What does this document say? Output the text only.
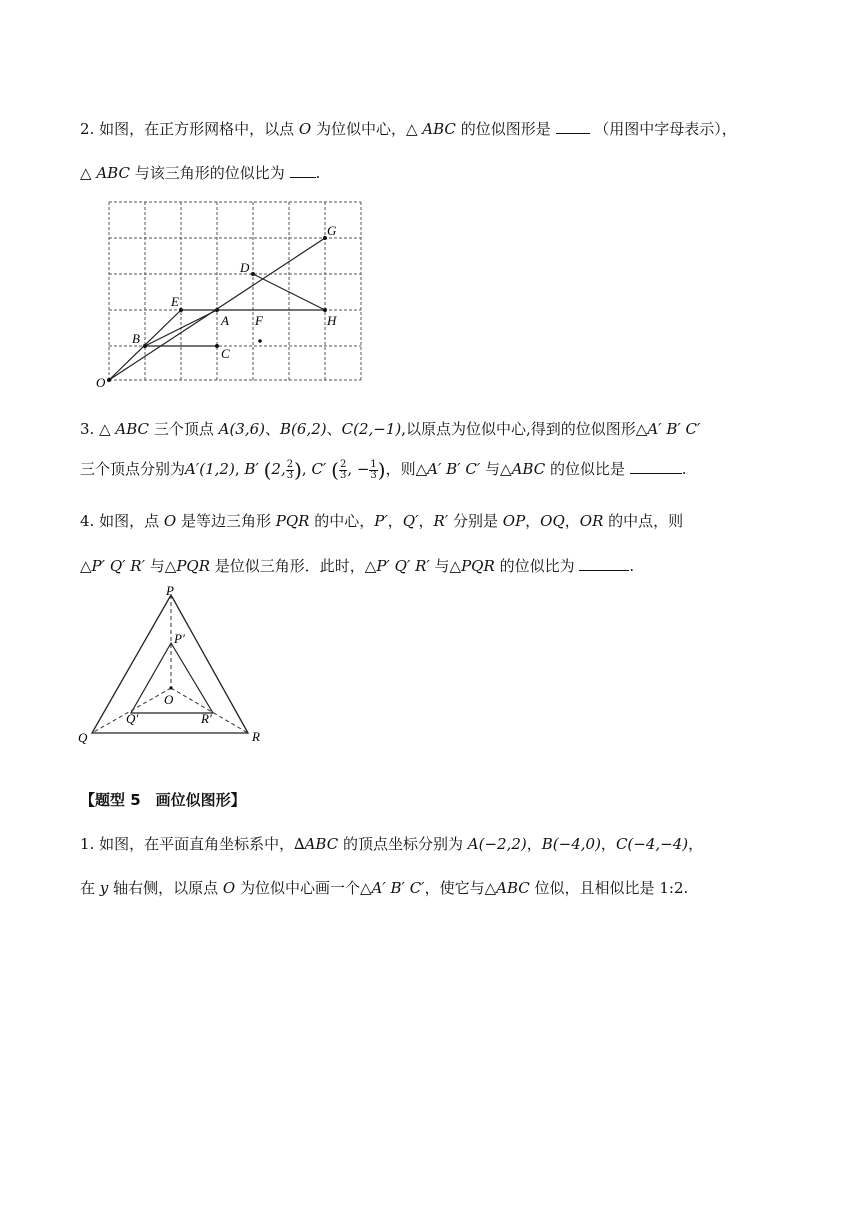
2. 如图，在正方形网格中，以点 O 为位似中心，△ ABC 的位似图形是	（用图中字母表示），
△ ABC 与该三角形的位似比为 .
O
B
E
A
C
F
D
G
H
3. △ ABC 三个顶点 A(3,6)、B(6,2)、C(2,−1),以原点为位似中心,得到的位似图形△A′ B′ C′
三个顶点分别为A′(1,2), B′ (2, $\frac{2}{3}$ ), C′ ( $\frac{2}{3}$ , − $\frac{1}{3}$ )，则△A′ B′ C′ 与△ABC 的位似比是	.
4. 如图，点 O 是等边三角形 PQR 的中心，P′，Q′，R′ 分别是 OP，OQ，OR 的中点，则
△P′ Q′ R′ 与△PQR 是位似三角形．此时，△P′ Q′ R′ 与△PQR 的位似比为	.
P
P′
O
Q′	R′
Q	R
【题型 5　画位似图形】
1. 如图，在平面直角坐标系中，∆ABC 的顶点坐标分别为 A(−2,2)，B(−4,0)，C(−4,−4)，
在 y 轴右侧，以原点 O 为位似中心画一个△A′ B′ C′，使它与△ABC 位似，且相似比是 1:2.
